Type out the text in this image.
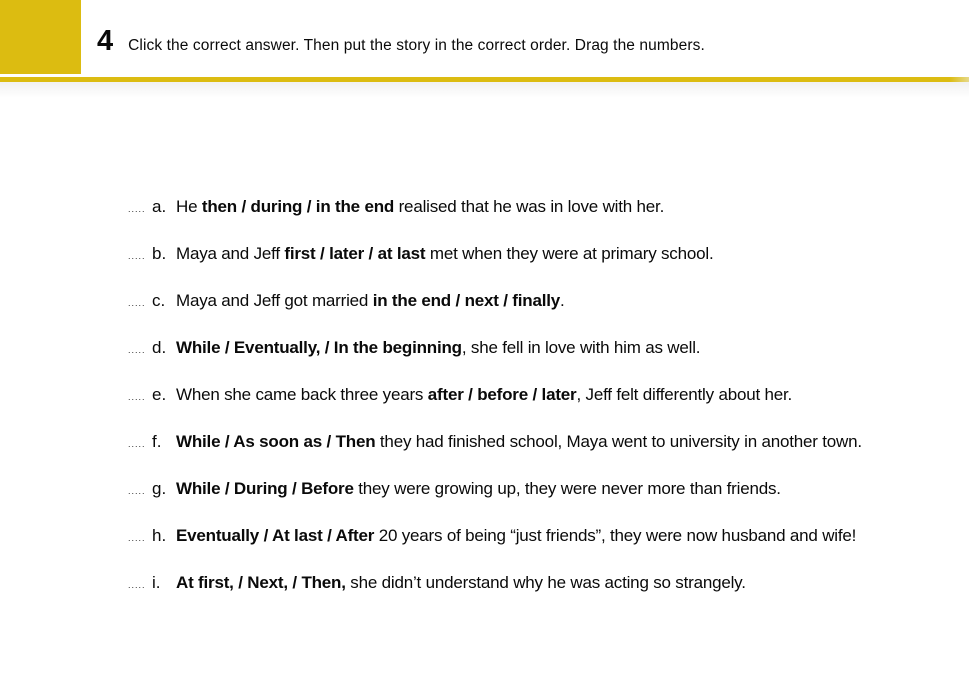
4 Click the correct answer. Then put the story in the correct order. Drag the numbers.
..... a. He then / during / in the end realised that he was in love with her.
..... b. Maya and Jeff first / later / at last met when they were at primary school.
..... c. Maya and Jeff got married in the end / next / finally.
..... d. While / Eventually, / In the beginning, she fell in love with him as well.
..... e. When she came back three years after / before / later, Jeff felt differently about her.
..... f. While / As soon as / Then they had finished school, Maya went to university in another town.
..... g. While / During / Before they were growing up, they were never more than friends.
..... h. Eventually / At last / After 20 years of being “just friends”, they were now husband and wife!
..... i. At first, / Next, / Then, she didn’t understand why he was acting so strangely.
